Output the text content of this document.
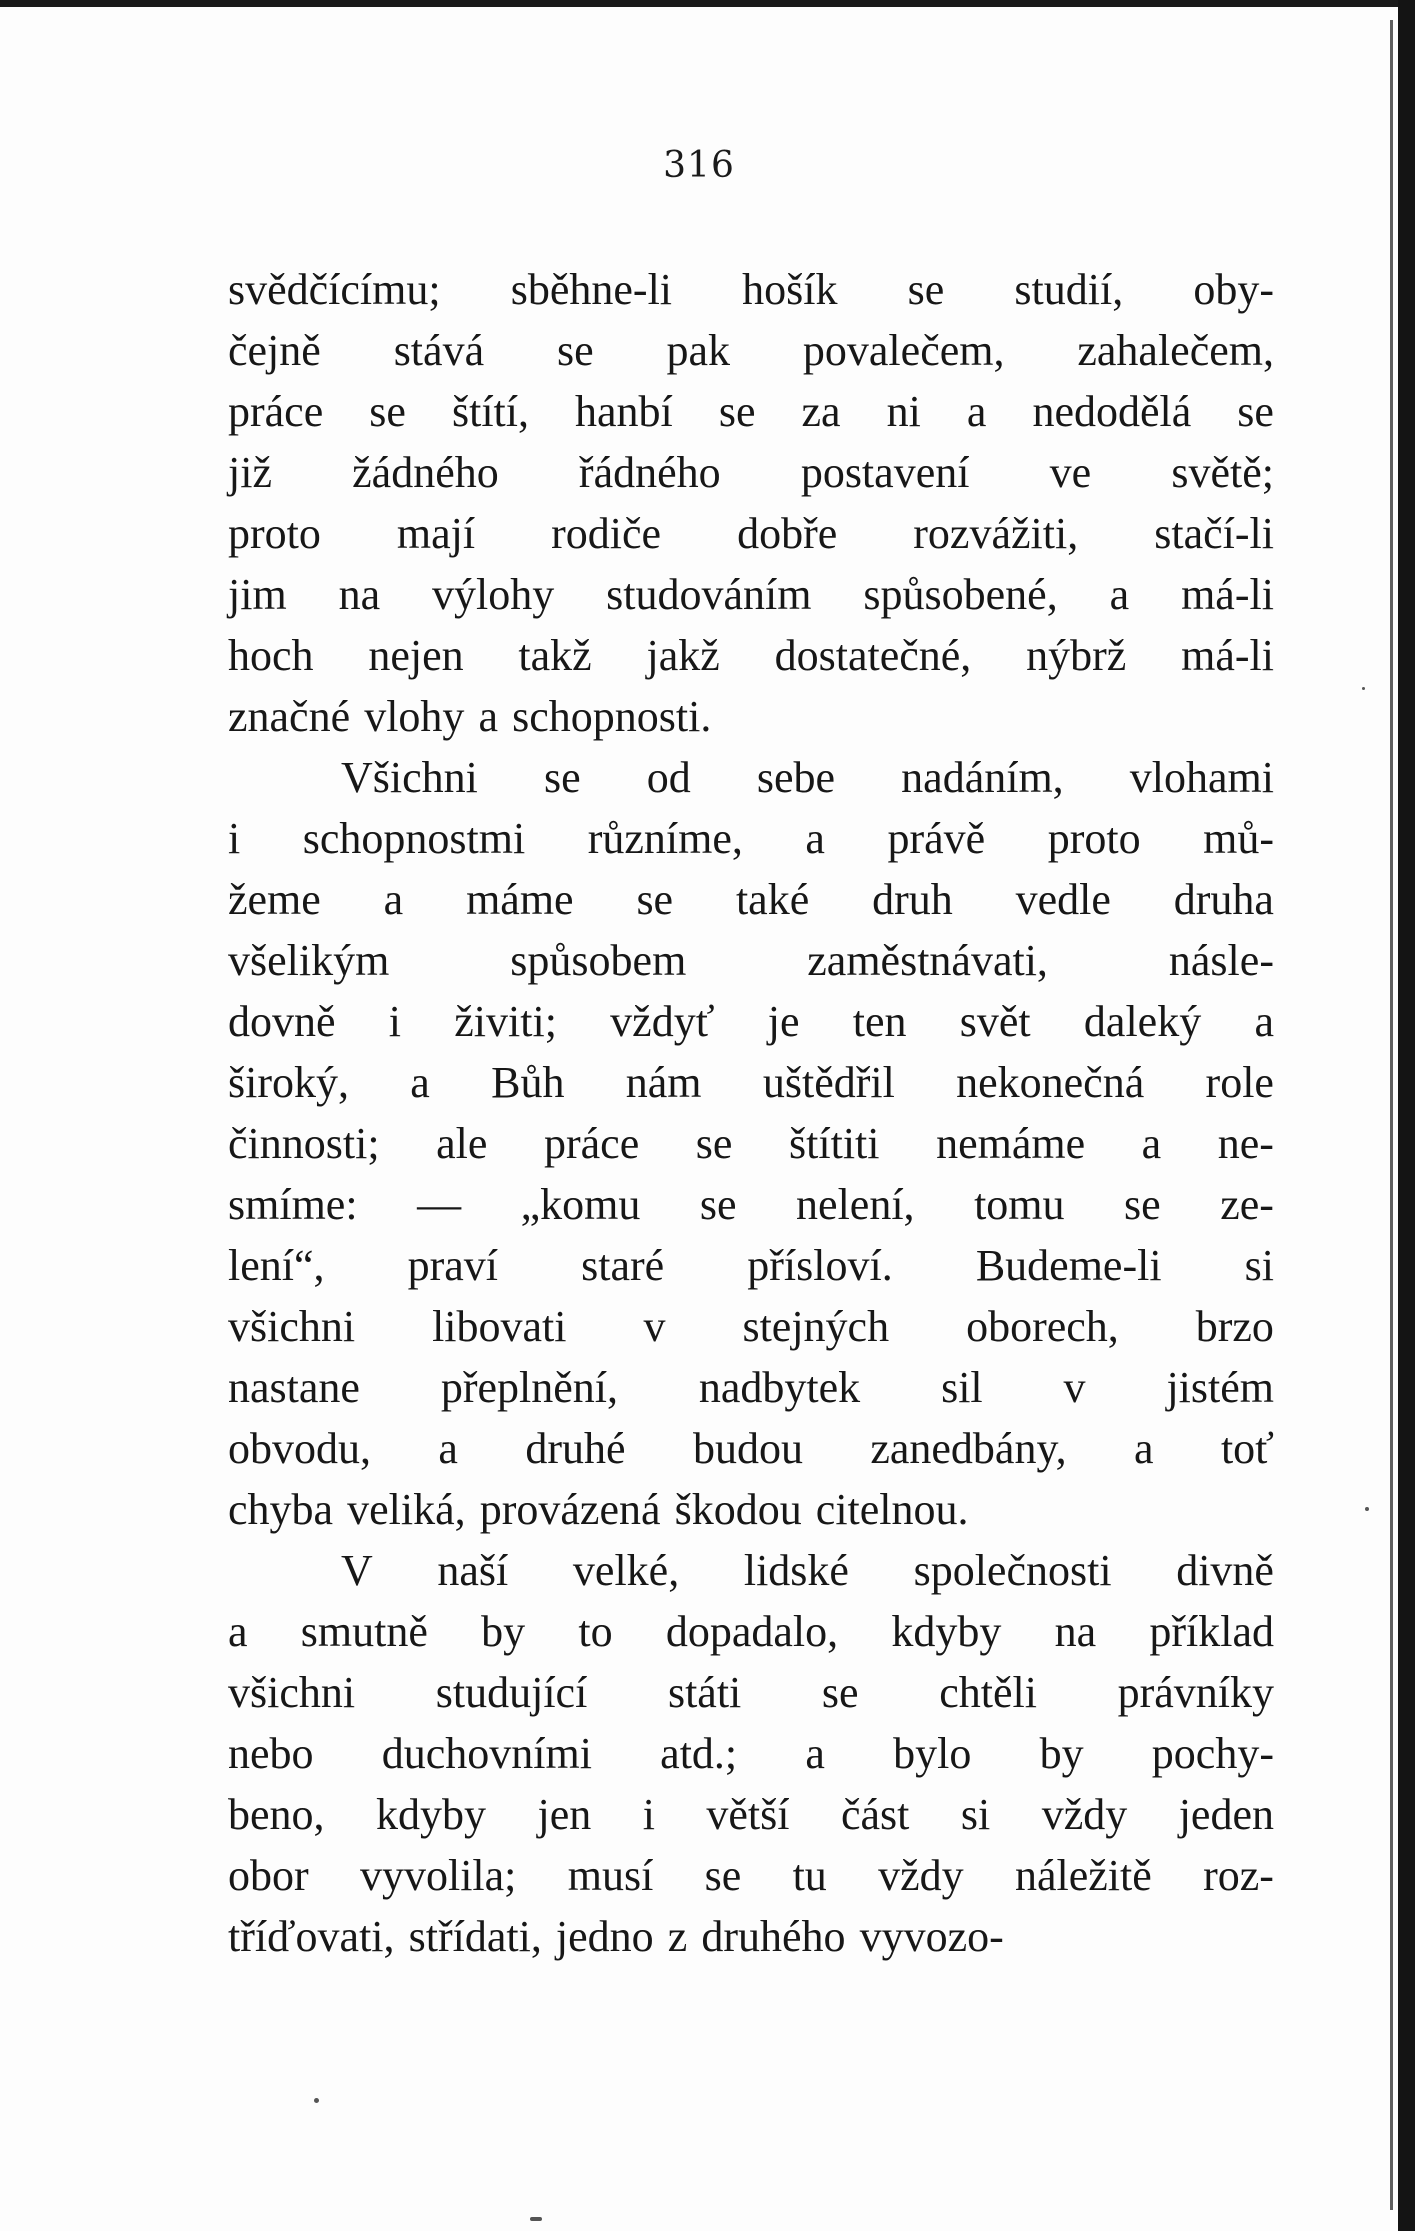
316
svědčícímu; sběhne-li hošík se studií, oby-
čejně stává se pak povalečem, zahalečem,
práce se štítí, hanbí se za ni a nedodělá se
již žádného řádného postavení ve světě;
proto mají rodiče dobře rozvážiti, stačí-li
jim na výlohy studováním spůsobené, a má-li
hoch nejen takž jakž dostatečné, nýbrž má-li
značné vlohy a schopnosti.
Všichni se od sebe nadáním, vlohami
i schopnostmi různíme, a právě proto mů-
žeme a máme se také druh vedle druha
všelikým	spůsobem	zaměstnávati,	násle-
dovně i živiti; vždyť je ten svět daleký a
široký, a Bůh nám uštědřil nekonečná role
činnosti; ale práce se štítiti nemáme a ne-
smíme: — „komu se nelení, tomu se ze-
lení“, praví staré přísloví. Budeme-li si
všichni libovati v stejných oborech, brzo
nastane přeplnění, nadbytek sil v jistém
obvodu, a druhé budou zanedbány, a toť
chyba veliká, provázená škodou citelnou.
V naší velké, lidské společnosti divně
a smutně by to dopadalo, kdyby na příklad
všichni studující státi se chtěli právníky
nebo duchovními atd.; a bylo by pochy-
beno, kdyby jen i větší část si vždy jeden
obor vyvolila; musí se tu vždy náležitě roz-
tříďovati, střídati, jedno z druhého vyvozo-
